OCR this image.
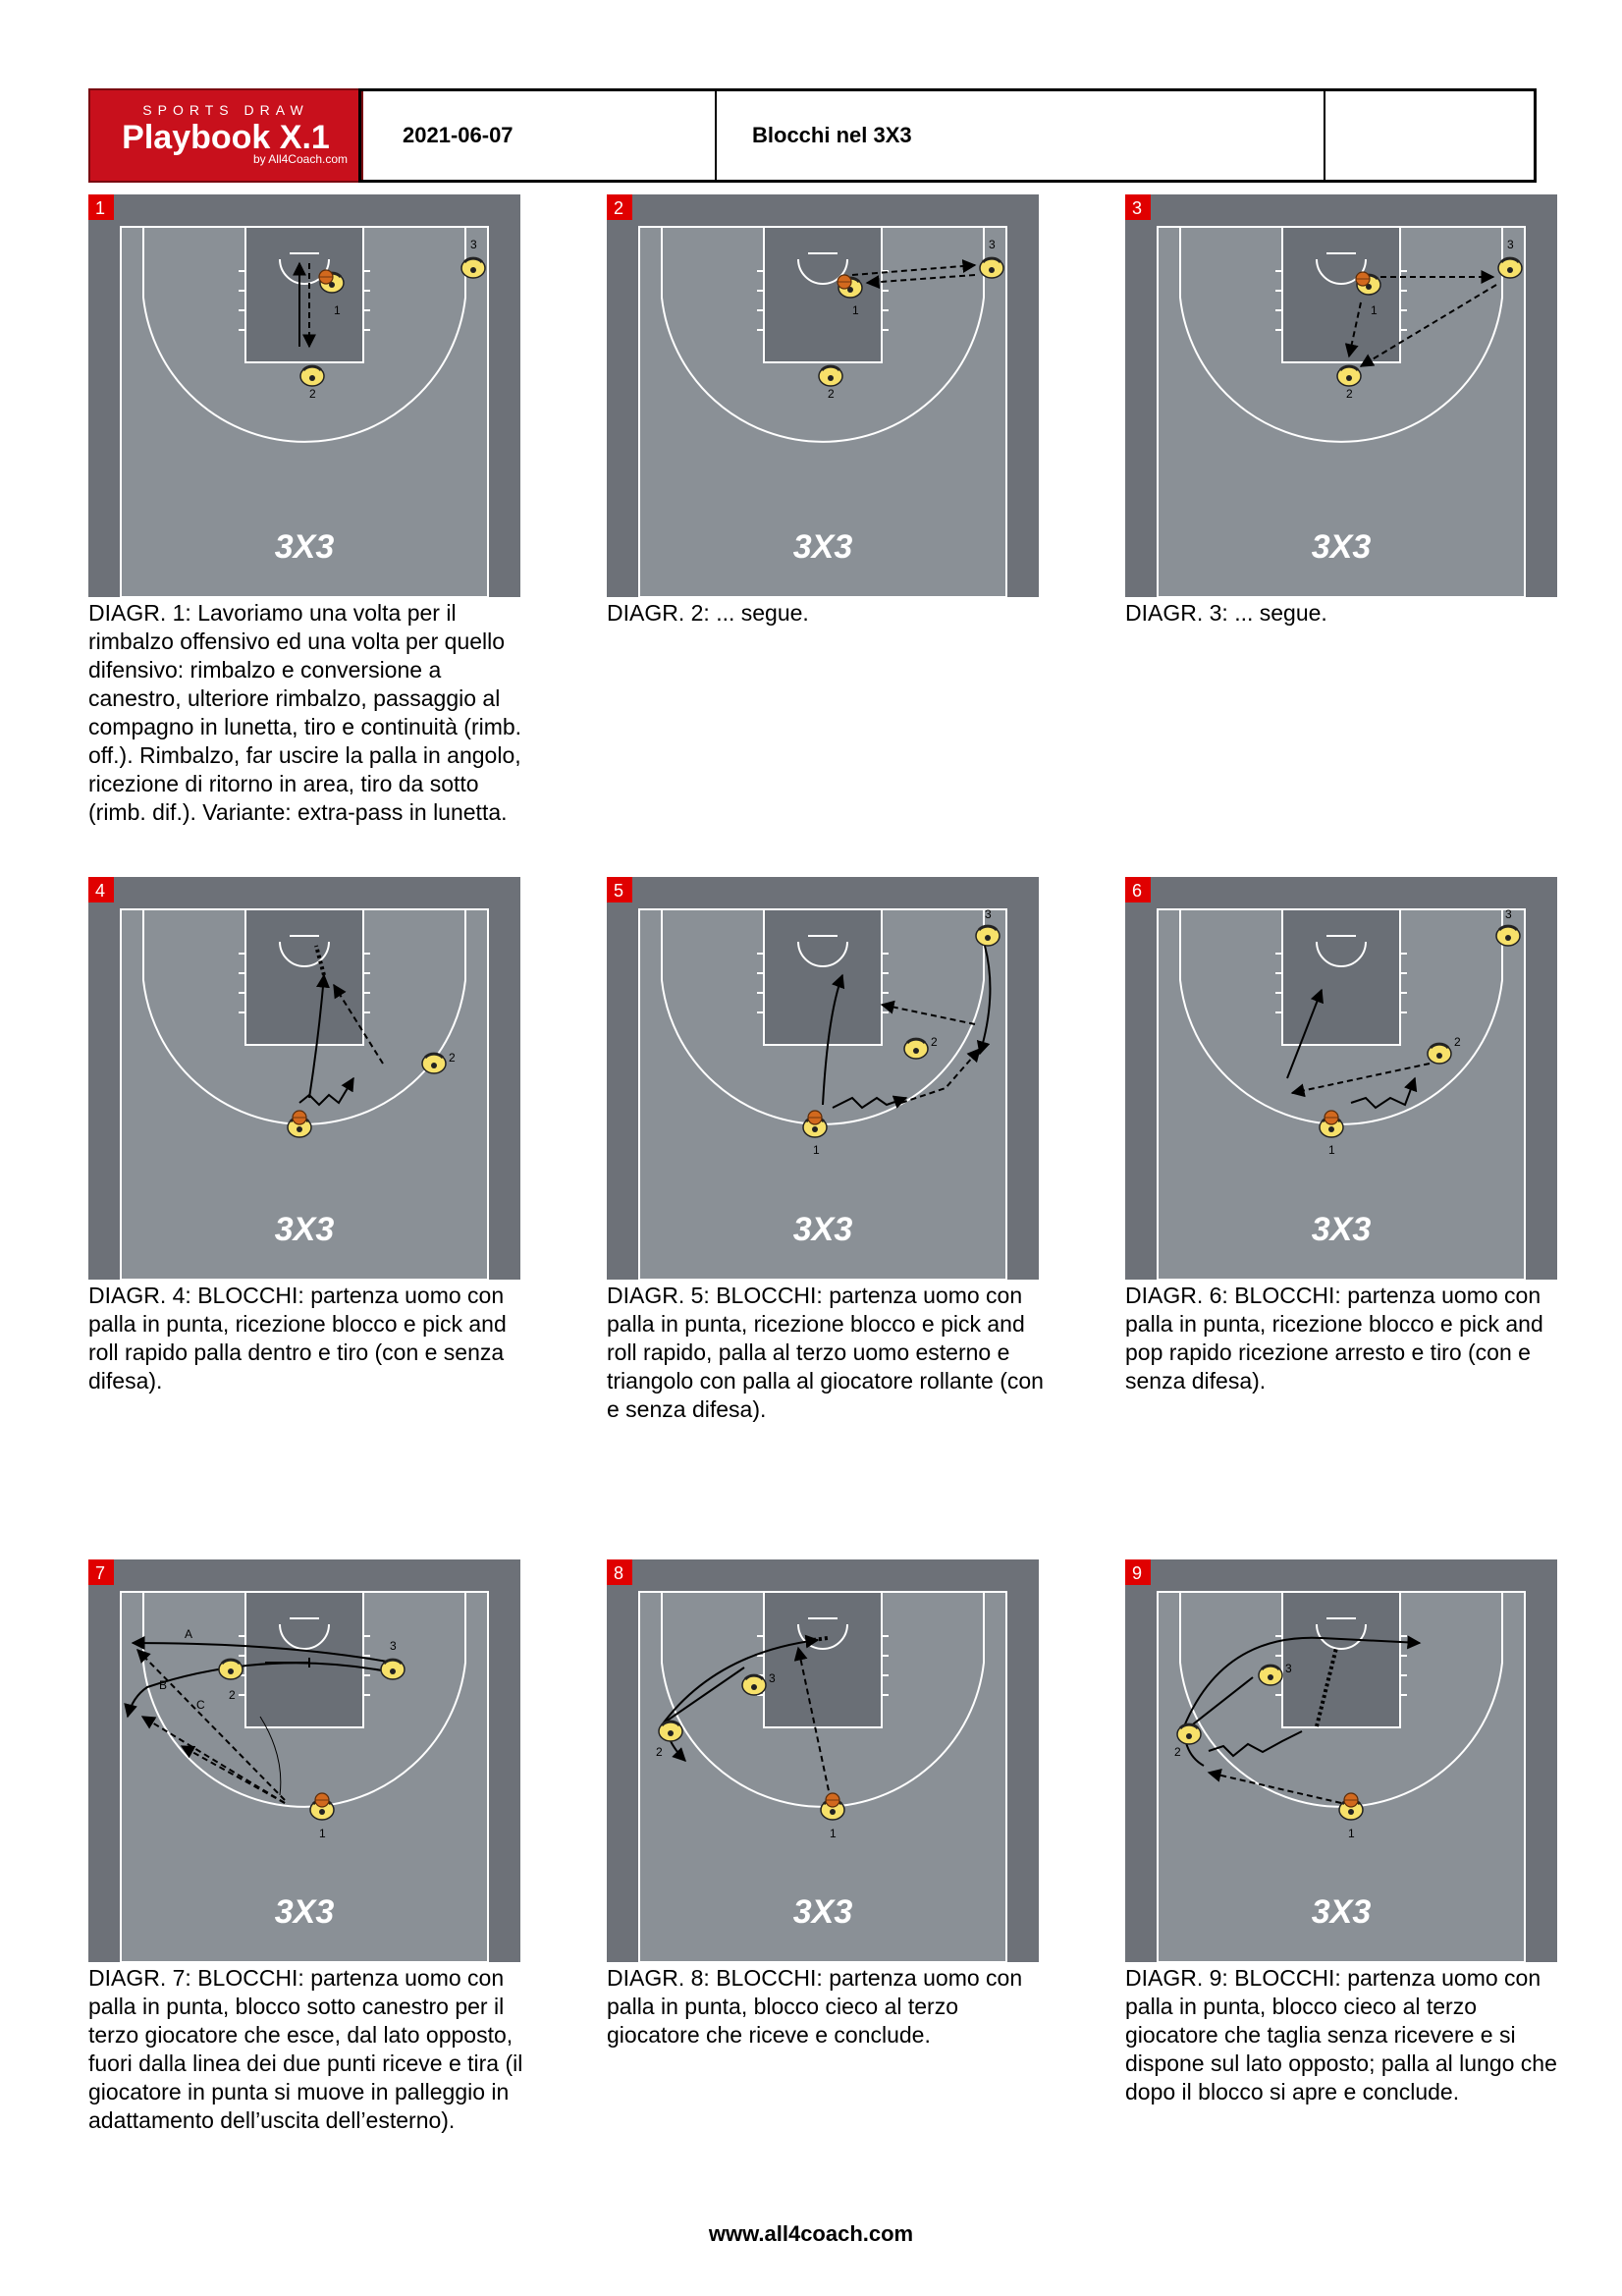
SPORTS DRAW
Playbook X.1
by All4Coach.com
2021-06-07	Blocchi nel 3X3
1
3X3
1
2
3
DIAGR. 1: Lavoriamo una volta per il rimbalzo offensivo ed una volta per quello difensivo: rimbalzo e conversione a canestro, ulteriore rimbalzo, passaggio al compagno in lunetta, tiro e continuità (rimb. off.). Rimbalzo, far uscire la palla in angolo, ricezione di ritorno in area, tiro da sotto (rimb. dif.). Variante: extra-pass in lunetta.
2
3X3
1
2
3
DIAGR. 2: ... segue.
3
3X3
1
2
3
DIAGR. 3: ... segue.
4
3X3
2
DIAGR. 4: BLOCCHI: partenza uomo con palla in punta, ricezione blocco e pick and roll rapido palla dentro e tiro (con e senza difesa).
5
3X3
1
2
3
DIAGR. 5: BLOCCHI: partenza uomo con palla in punta, ricezione blocco e pick and roll rapido, palla al terzo uomo esterno e triangolo con palla al giocatore rollante (con e senza difesa).
6
3X3
1
2
3
DIAGR. 6: BLOCCHI: partenza uomo con palla in punta, ricezione blocco e pick and pop rapido ricezione arresto e tiro (con e senza difesa).
7
3X3
1
2
3
A
B
C
DIAGR. 7: BLOCCHI: partenza uomo con palla in punta, blocco sotto canestro per il terzo giocatore che esce, dal lato opposto, fuori dalla linea dei due punti riceve e tira (il giocatore in punta si muove in palleggio in adattamento dell’uscita dell’esterno).
8
3X3
1
2
3
DIAGR. 8: BLOCCHI: partenza uomo con palla in punta, blocco cieco al terzo giocatore che riceve e conclude.
9
3X3
1
2
3
DIAGR. 9: BLOCCHI: partenza uomo con palla in punta, blocco cieco al terzo giocatore che taglia senza ricevere e si dispone sul lato opposto; palla al lungo che dopo il blocco si apre e conclude.
www.all4coach.com
